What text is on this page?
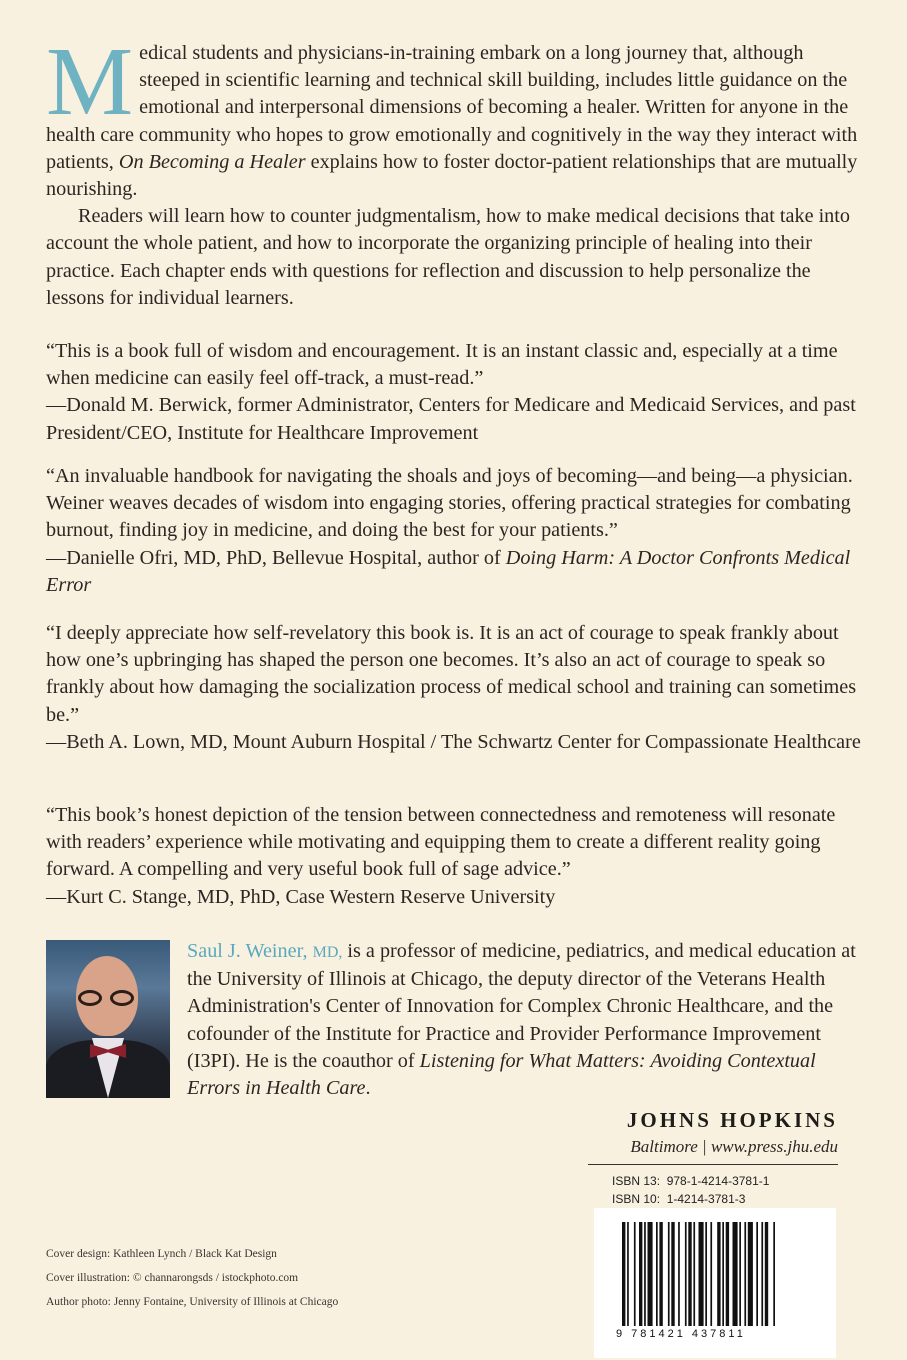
Medical students and physicians-in-training embark on a long journey that, although steeped in scientific learning and technical skill building, includes little guidance on the emotional and interpersonal dimensions of becoming a healer. Written for anyone in the health care community who hopes to grow emotionally and cognitively in the way they interact with patients, On Becoming a Healer explains how to foster doctor-patient relationships that are mutually nourishing.

Readers will learn how to counter judgmentalism, how to make medical decisions that take into account the whole patient, and how to incorporate the organizing principle of healing into their practice. Each chapter ends with questions for reflection and discussion to help personalize the lessons for individual learners.

“This is a book full of wisdom and encouragement. It is an instant classic and, especially at a time when medicine can easily feel off-track, a must-read.”

—Donald M. Berwick, former Administrator, Centers for Medicare and Medicaid Services, and past President/CEO, Institute for Healthcare Improvement

“An invaluable handbook for navigating the shoals and joys of becoming—and being—a physician. Weiner weaves decades of wisdom into engaging stories, offering practical strategies for combating burnout, finding joy in medicine, and doing the best for your patients.”

—Danielle Ofri, MD, PhD, Bellevue Hospital, author of Doing Harm: A Doctor Confronts Medical Error

“I deeply appreciate how self-revelatory this book is. It is an act of courage to speak frankly about how one’s upbringing has shaped the person one becomes. It’s also an act of courage to speak so frankly about how damaging the socialization process of medical school and training can sometimes be.”

—Beth A. Lown, MD, Mount Auburn Hospital / The Schwartz Center for Compassionate Healthcare

“This book’s honest depiction of the tension between connectedness and remoteness will resonate with readers’ experience while motivating and equipping them to create a different reality going forward. A compelling and very useful book full of sage advice.”

—Kurt C. Stange, MD, PhD, Case Western Reserve University

Saul J. Weiner, MD, is a professor of medicine, pediatrics, and medical education at the University of Illinois at Chicago, the deputy director of the Veterans Health Administration's Center of Innovation for Complex Chronic Healthcare, and the cofounder of the Institute for Practice and Provider Performance Improvement (I3PI). He is the coauthor of Listening for What Matters: Avoiding Contextual Errors in Health Care.
JOHNS HOPKINS
Baltimore | www.press.jhu.edu
ISBN 13:  978-1-4214-3781-1
ISBN 10:  1-4214-3781-3
9 781421 437811
Cover design: Kathleen Lynch / Black Kat Design
Cover illustration: © channarongsds / istockphoto.com
Author photo: Jenny Fontaine, University of Illinois at Chicago
